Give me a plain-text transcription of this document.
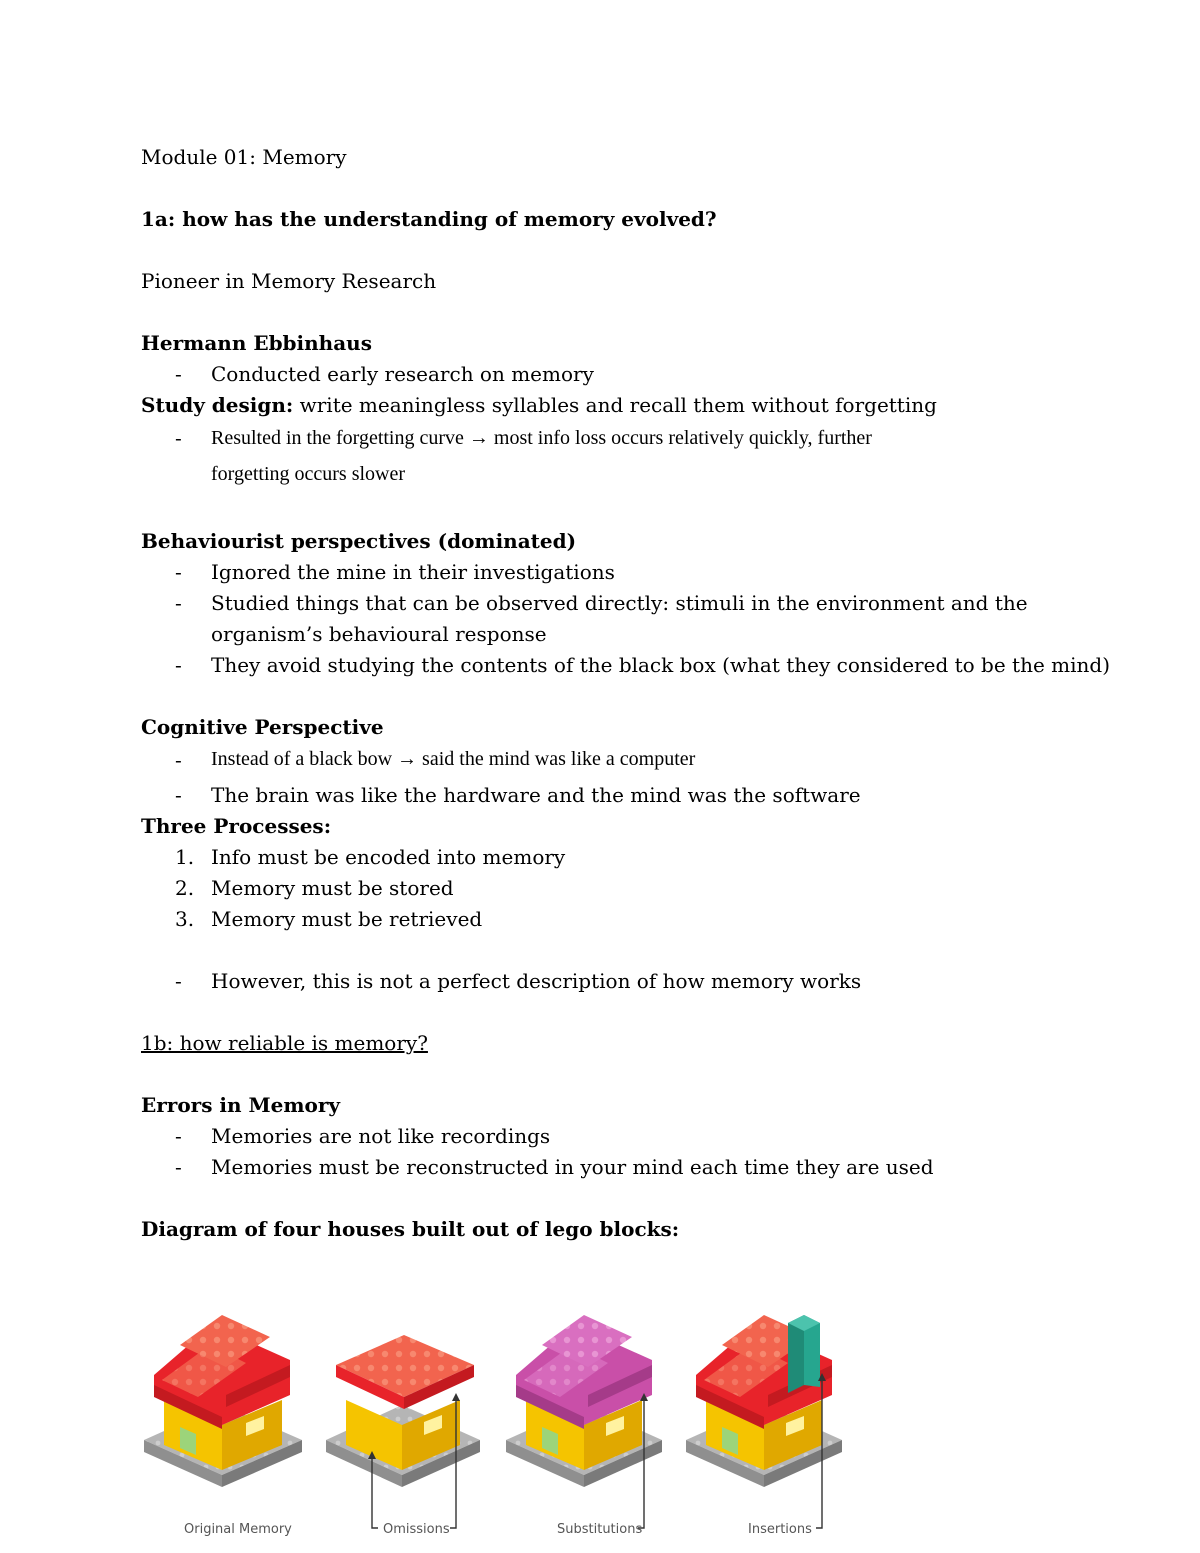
Module 01: Memory
1a: how has the understanding of memory evolved?
Pioneer in Memory Research
Hermann Ebbinhaus
- Conducted early research on memory
Study design: write meaningless syllables and recall them without forgetting
- Resulted in the forgetting curve → most info loss occurs relatively quickly, further
forgetting occurs slower
Behaviourist perspectives (dominated)
- Ignored the mine in their investigations
- Studied things that can be observed directly: stimuli in the environment and the
organism’s behavioural response
- They avoid studying the contents of the black box (what they considered to be the mind)
Cognitive Perspective
- Instead of a black bow → said the mind was like a computer
- The brain was like the hardware and the mind was the software
Three Processes:
1. Info must be encoded into memory
2. Memory must be stored
3. Memory must be retrieved
- However, this is not a perfect description of how memory works
1b: how reliable is memory?
Errors in Memory
- Memories are not like recordings
- Memories must be reconstructed in your mind each time they are used
Diagram of four houses built out of lego blocks:
Original Memory	Omissions	Substitutions	Insertions
